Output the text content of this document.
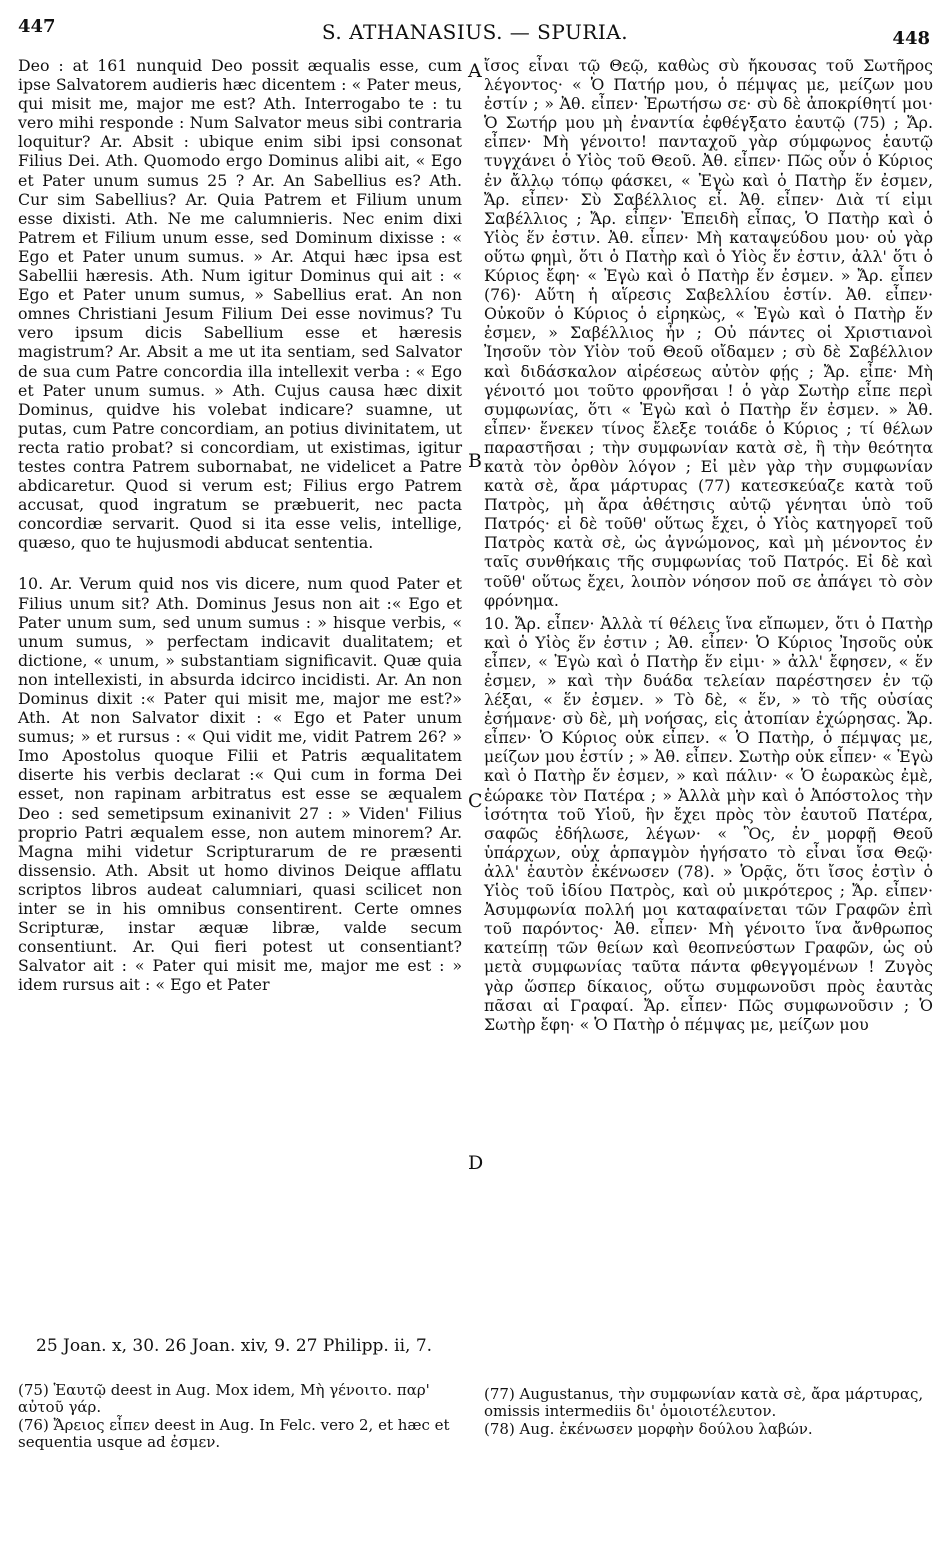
447	S. ATHANASIUS. — SPURIA.	448

Deo : at 161 nunquid Deo possit æqualis esse, cum ipse Salvatorem audieris hæc dicentem : « Pater meus, qui misit me, major me est? Ath. Interrogabo te : tu vero mihi responde : Num Salvator meus sibi contraria loquitur? Ar. Absit : ubique enim sibi ipsi consonat Filius Dei. Ath. Quomodo ergo Dominus alibi ait, « Ego et Pater unum sumus 25 ? Ar. An Sabellius es? Ath. Cur sim Sabellius? Ar. Quia Patrem et Filium unum esse dixisti. Ath. Ne me calumnieris. Nec enim dixi Patrem et Filium unum esse, sed Dominum dixisse : « Ego et Pater unum sumus. » Ar. Atqui hæc ipsa est Sabellii hæresis. Ath. Num igitur Dominus qui ait : « Ego et Pater unum sumus, » Sabellius erat. An non omnes Christiani Jesum Filium Dei esse novimus? Tu vero ipsum dicis Sabellium esse et hæresis magistrum? Ar. Absit a me ut ita sentiam, sed Salvator de sua cum Patre concordia illa intellexit verba : « Ego et Pater unum sumus. » Ath. Cujus causa hæc dixit Dominus, quidve his volebat indicare? suamne, ut putas, cum Patre concordiam, an potius divinitatem, ut recta ratio probat? si concordiam, ut existimas, igitur testes contra Patrem subornabat, ne videlicet a Patre abdicaretur. Quod si verum est; Filius ergo Patrem accusat, quod ingratum se præbuerit, nec pacta concordiæ servarit. Quod si ita esse velis, intellige, quæso, quo te hujusmodi abducat sententia.

10. Ar. Verum quid nos vis dicere, num quod Pater et Filius unum sit? Ath. Dominus Jesus non ait :« Ego et Pater unum sum, sed unum sumus : » hisque verbis, « unum sumus, » perfectam indicavit dualitatem; et dictione, « unum, » substantiam significavit. Quæ quia non intellexisti, in absurda idcirco incidisti. Ar. An non Dominus dixit :« Pater qui misit me, major me est?» Ath. At non Salvator dixit : « Ego et Pater unum sumus; » et rursus : « Qui vidit me, vidit Patrem 26? » Imo Apostolus quoque Filii et Patris æqualitatem diserte his verbis declarat :« Qui cum in forma Dei esset, non rapinam arbitratus est esse se æqualem Deo : sed semetipsum exinanivit 27 : » Viden' Filius proprio Patri æqualem esse, non autem minorem? Ar. Magna mihi videtur Scripturarum de re præsenti dissensio. Ath. Absit ut homo divinos Deique afflatu scriptos libros audeat calumniari, quasi scilicet non inter se in his omnibus consentirent. Certe omnes Scripturæ, instar æquæ libræ, valde secum consentiunt. Ar. Qui fieri potest ut consentiant? Salvator ait : « Pater qui misit me, major me est : » idem rursus ait : « Ego et Pater

A
B
C
D

ἴσος εἶναι τῷ Θεῷ, καθὼς σὺ ἤκουσας τοῦ Σωτῆρος λέγοντος· « Ὁ Πατήρ μου, ὁ πέμψας με, μείζων μου ἐστίν ; » Ἀθ. εἶπεν· Ἐρωτήσω σε· σὺ δὲ ἀποκρίθητί μοι· Ὁ Σωτήρ μου μὴ ἐναντία ἐφθέγξατο ἑαυτῷ (75) ; Ἄρ. εἶπεν· Μὴ γένοιτο! πανταχοῦ γὰρ σύμφωνος ἑαυτῷ τυγχάνει ὁ Υἱὸς τοῦ Θεοῦ. Ἀθ. εἶπεν· Πῶς οὖν ὁ Κύριος ἐν ἄλλῳ τόπῳ φάσκει, « Ἐγὼ καὶ ὁ Πατὴρ ἕν ἐσμεν, Ἄρ. εἶπεν· Σὺ Σαβέλλιος εἶ. Ἀθ. εἶπεν· Διὰ τί εἰμι Σαβέλλιος ; Ἄρ. εἶπεν· Ἐπειδὴ εἶπας, Ὁ Πατὴρ καὶ ὁ Υἱὸς ἕν ἐστιν. Ἀθ. εἶπεν· Μὴ καταψεύδου μου· οὐ γὰρ οὕτω φημὶ, ὅτι ὁ Πατὴρ καὶ ὁ Υἱὸς ἕν ἐστιν, ἀλλ' ὅτι ὁ Κύριος ἔφη· « Ἐγὼ καὶ ὁ Πατὴρ ἕν ἐσμεν. » Ἄρ. εἶπεν (76)· Αὕτη ἡ αἵρεσις Σαβελλίου ἐστίν. Ἀθ. εἶπεν· Οὐκοῦν ὁ Κύριος ὁ εἰρηκὼς, « Ἐγὼ καὶ ὁ Πατὴρ ἕν ἐσμεν, » Σαβέλλιος ἦν ; Οὐ πάντες οἱ Χριστιανοὶ Ἰησοῦν τὸν Υἱὸν τοῦ Θεοῦ οἴδαμεν ; σὺ δὲ Σαβέλλιον καὶ διδάσκαλον αἱρέσεως αὐτὸν φῄς ; Ἄρ. εἶπε· Μὴ γένοιτό μοι τοῦτο φρονῆσαι ! ὁ γὰρ Σωτὴρ εἶπε περὶ συμφωνίας, ὅτι « Ἐγὼ καὶ ὁ Πατὴρ ἕν ἐσμεν. » Ἀθ. εἶπεν· ἕνεκεν τίνος ἔλεξε τοιάδε ὁ Κύριος ; τί θέλων παραστῆσαι ; τὴν συμφωνίαν κατὰ σὲ, ἢ τὴν θεότητα κατὰ τὸν ὀρθὸν λόγον ; Εἰ μὲν γὰρ τὴν συμφωνίαν κατὰ σὲ, ἄρα μάρτυρας (77) κατεσκεύαζε κατὰ τοῦ Πατρὸς, μὴ ἄρα ἀθέτησις αὐτῷ γένηται ὑπὸ τοῦ Πατρός· εἰ δὲ τοῦθ' οὕτως ἔχει, ὁ Υἱὸς κατηγορεῖ τοῦ Πατρὸς κατὰ σὲ, ὡς ἀγνώμονος, καὶ μὴ μένοντος ἐν ταῖς συνθήκαις τῆς συμφωνίας τοῦ Πατρός. Εἰ δὲ καὶ τοῦθ' οὕτως ἔχει, λοιπὸν νόησον ποῦ σε ἀπάγει τὸ σὸν φρόνημα.

10. Ἄρ. εἶπεν· Ἀλλὰ τί θέλεις ἵνα εἴπωμεν, ὅτι ὁ Πατὴρ καὶ ὁ Υἱὸς ἕν ἐστιν ; Ἀθ. εἶπεν· Ὁ Κύριος Ἰησοῦς οὐκ εἶπεν, « Ἐγὼ καὶ ὁ Πατὴρ ἕν εἰμι· » ἀλλ' ἔφησεν, « ἕν ἐσμεν, » καὶ τὴν δυάδα τελείαν παρέστησεν ἐν τῷ λέξαι, « ἕν ἐσμεν. » Τὸ δὲ, « ἕν, » τὸ τῆς οὐσίας ἐσήμανε· σὺ δὲ, μὴ νοήσας, εἰς ἀτοπίαν ἐχώρησας. Ἄρ. εἶπεν· Ὁ Κύριος οὐκ εἶπεν. « Ὁ Πατὴρ, ὁ πέμψας με, μείζων μου ἐστίν ; » Ἀθ. εἶπεν. Σωτὴρ οὐκ εἶπεν· « Ἐγὼ καὶ ὁ Πατὴρ ἕν ἐσμεν, » καὶ πάλιν· « Ὁ ἑωρακὼς ἐμὲ, ἑώρακε τὸν Πατέρα ; » Ἀλλὰ μὴν καὶ ὁ Ἀπόστολος τὴν ἰσότητα τοῦ Υἱοῦ, ἣν ἔχει πρὸς τὸν ἑαυτοῦ Πατέρα, σαφῶς ἐδήλωσε, λέγων· « Ὃς, ἐν μορφῇ Θεοῦ ὑπάρχων, οὐχ ἁρπαγμὸν ἡγήσατο τὸ εἶναι ἴσα Θεῷ· ἀλλ' ἑαυτὸν ἐκένωσεν (78). » Ὁρᾷς, ὅτι ἴσος ἐστὶν ὁ Υἱὸς τοῦ ἰδίου Πατρὸς, καὶ οὐ μικρότερος ; Ἄρ. εἶπεν· Ἀσυμφωνία πολλή μοι καταφαίνεται τῶν Γραφῶν ἐπὶ τοῦ παρόντος· Ἀθ. εἶπεν· Μὴ γένοιτο ἵνα ἄνθρωπος κατείπῃ τῶν θείων καὶ θεοπνεύστων Γραφῶν, ὡς οὐ μετὰ συμφωνίας ταῦτα πάντα φθεγγομένων ! Ζυγὸς γὰρ ὥσπερ δίκαιος, οὕτω συμφωνοῦσι πρὸς ἑαυτὰς πᾶσαι αἱ Γραφαί. Ἄρ. εἶπεν· Πῶς συμφωνοῦσιν ; Ὁ Σωτὴρ ἔφη· « Ὁ Πατὴρ ὁ πέμψας με, μείζων μου

25 Joan. x, 30. 26 Joan. xiv, 9. 27 Philipp. ii, 7.

(75) Ἑαυτῷ deest in Aug. Mox idem, Μὴ γένοιτο. παρ' αὐτοῦ γάρ.

(76) Ἄρειος εἶπεν deest in Aug. In Felc. vero 2, et hæc et sequentia usque ad ἐσμεν.

(77) Augustanus, τὴν συμφωνίαν κατὰ σὲ, ἄρα μάρτυρας, omissis intermediis δι' ὁμοιοτέλευτον.

(78) Aug. ἐκένωσεν μορφὴν δούλου λαβών.
